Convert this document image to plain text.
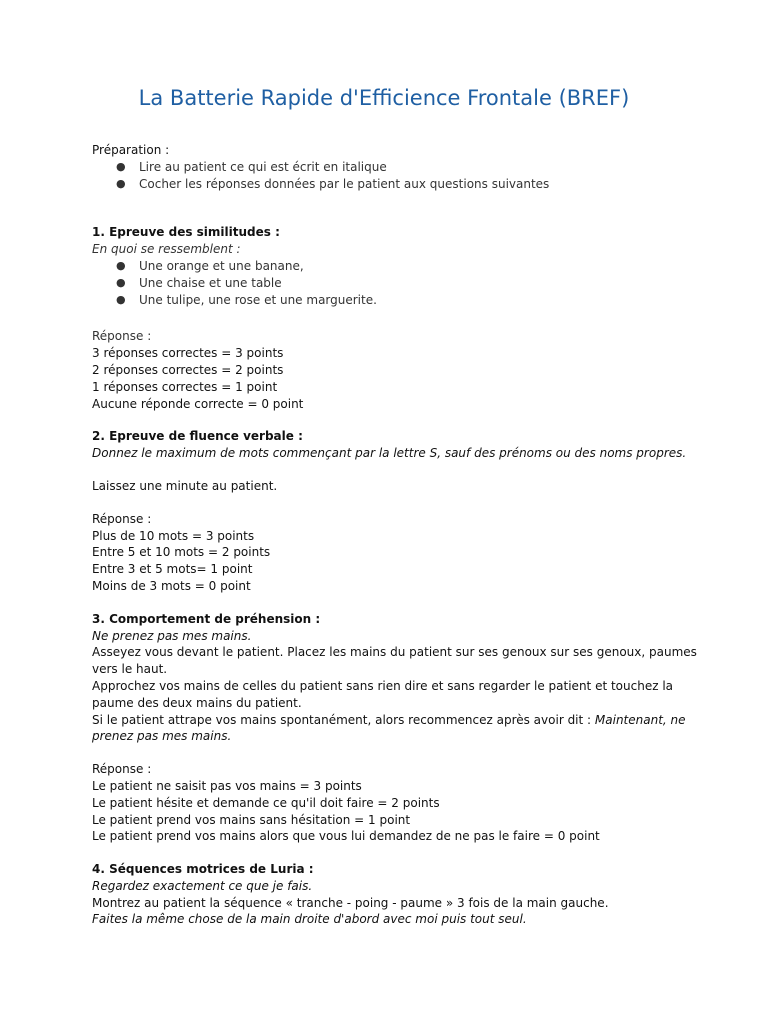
La Batterie Rapide d'Efficience Frontale (BREF)
Préparation :
● Lire au patient ce qui est écrit en italique
● Cocher les réponses données par le patient aux questions suivantes
1. Epreuve des similitudes :
En quoi se ressemblent :
● Une orange et une banane,
● Une chaise et une table
● Une tulipe, une rose et une marguerite.
Réponse :
3 réponses correctes = 3 points
2 réponses correctes = 2 points
1 réponses correctes = 1 point
Aucune réponde correcte = 0 point
2. Epreuve de fluence verbale :
Donnez le maximum de mots commençant par la lettre S, sauf des prénoms ou des noms propres.
Laissez une minute au patient.
Réponse :
Plus de 10 mots = 3 points
Entre 5 et 10 mots = 2 points
Entre 3 et 5 mots= 1 point
Moins de 3 mots = 0 point
3. Comportement de préhension :
Ne prenez pas mes mains.
Asseyez vous devant le patient. Placez les mains du patient sur ses genoux sur ses genoux, paumes
vers le haut.
Approchez vos mains de celles du patient sans rien dire et sans regarder le patient et touchez la
paume des deux mains du patient.
Si le patient attrape vos mains spontanément, alors recommencez après avoir dit : Maintenant, ne
prenez pas mes mains.
Réponse :
Le patient ne saisit pas vos mains = 3 points
Le patient hésite et demande ce qu'il doit faire = 2 points
Le patient prend vos mains sans hésitation = 1 point
Le patient prend vos mains alors que vous lui demandez de ne pas le faire = 0 point
4. Séquences motrices de Luria :
Regardez exactement ce que je fais.
Montrez au patient la séquence « tranche - poing - paume » 3 fois de la main gauche.
Faites la même chose de la main droite d'abord avec moi puis tout seul.
